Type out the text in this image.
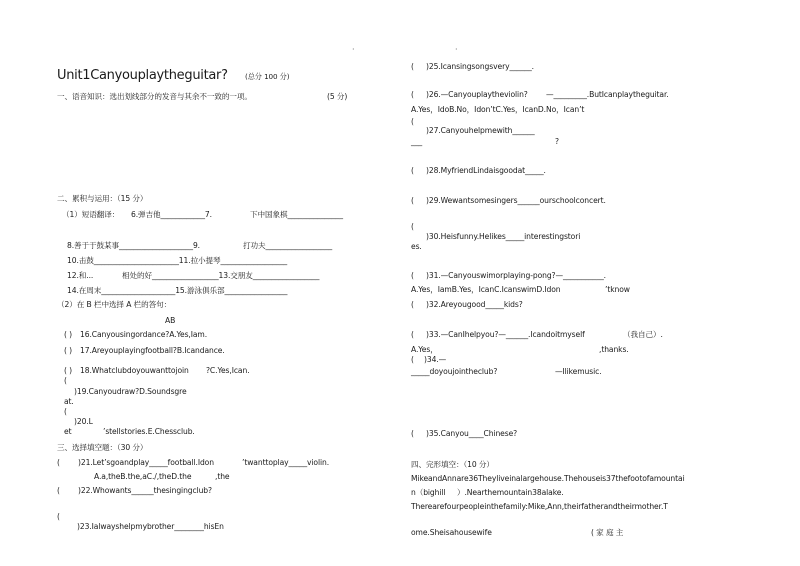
·	·
Unit1Canyouplaytheguitar? (总分 100 分)
一、语音知识：选出划线部分的发音与其余不一致的一项。	(5 分)
二、累积与运用：（15 分）
（1）短语翻译： 6.弹吉他____________7.	下中国象棋_______________
8.善于于鼓某事____________________9.	打功夫__________________
10.击鼓_______________________11.拉小提琴__________________
12.和...	相处的好__________________13.交朋友__________________
14.在周末____________________15.游泳俱乐部_________________
（2）在 B 栏中选择 A 栏的答句：
AB
( ) 16.Canyousingordance?A.Yes,Iam.
( ) 17.Areyouplayingfootball?B.Icandance.
( ) 18.Whatclubdoyouwanttojoin ?C.Yes,Ican.
(
)19.Canyoudraw?D.Soundsgre
at.
(
)20.L
et	’stellstories.E.Chessclub.
三、选择填空题：（30 分）
( )21.Let’sgoandplay_____football.Idon	’twanttoplay_____violin.
A.a,theB.the,aC./,theD.the	,the
( )22.Whowants______thesingingclub?
(
)23.Ialwayshelpmybrother________hisEn
( )25.Icansingsongsvery______.
( )26.—Canyouplaytheviolin? —_________.ButIcanplaytheguitar.
A.Yes，IdoB.No，Idon’tC.Yes，IcanD.No，Ican’t
(
)27.Canyouhelpmewith______
___	?
( )28.MyfriendLindaisgoodat_____.
( )29.Wewantsomesingers______ourschoolconcert.
(
)30.Heisfunny.Helikes_____interestingstori
es.
( )31.—Canyouswimorplaying-pong?—___________.
A.Yes，IamB.Yes，IcanC.IcanswimD.Idon	’tknow
( )32.Areyougood_____kids?
( )33.—CanIhelpyou?—______.Icandoitmyself	（我自己）.
A.Yes，	,thanks.
( )34.—
_____doyoujointheclub?	—Ilikemusic.
( )35.Canyou____Chinese?
四、完形填空：（10 分）
MikeandAnnare36Theyliveinalargehouse.Thehouseis37thefootofamountai
n（bighill ）.Nearthemountain38alake.
Therearefourpeopleinthefamily:Mike,Ann,theirfatherandtheirmother.T
ome.Sheisahousewife	( 家 庭 主
